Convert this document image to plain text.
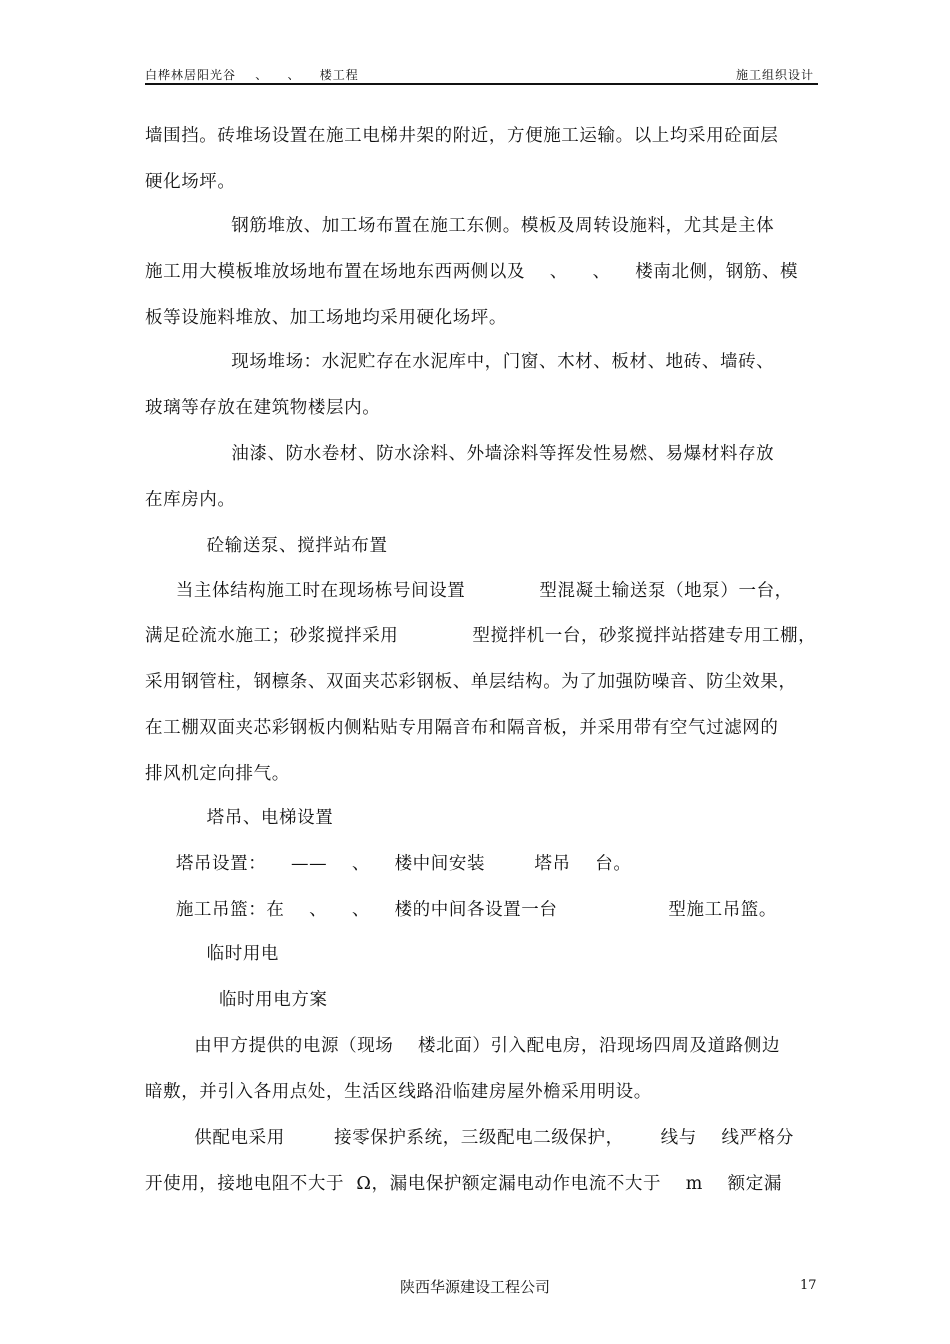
白桦林居阳光谷    、    、    楼工程	施工组织设计
墙围挡。砖堆场设置在施工电梯井架的附近，方便施工运输。以上均采用砼面层
硬化场坪。
钢筋堆放、加工场布置在施工东侧。模板及周转设施料，尤其是主体
施工用大模板堆放场地布置在场地东西两侧以及    、    、    楼南北侧，钢筋、模
板等设施料堆放、加工场地均采用硬化场坪。
现场堆场：水泥贮存在水泥库中，门窗、木材、板材、地砖、墙砖、
玻璃等存放在建筑物楼层内。
油漆、防水卷材、防水涂料、外墙涂料等挥发性易燃、易爆材料存放
在库房内。
砼输送泵、搅拌站布置
当主体结构施工时在现场栋号间设置            型混凝土输送泵（地泵）一台，
满足砼流水施工；砂浆搅拌采用            型搅拌机一台，砂浆搅拌站搭建专用工棚，
采用钢管柱，钢檩条、双面夹芯彩钢板、单层结构。为了加强防噪音、防尘效果，
在工棚双面夹芯彩钢板内侧粘贴专用隔音布和隔音板，并采用带有空气过滤网的
排风机定向排气。
塔吊、电梯设置
塔吊设置：    ——    、    楼中间安装        塔吊    台。
施工吊篮：在    、    、    楼的中间各设置一台                  型施工吊篮。
临时用电
临时用电方案
由甲方提供的电源（现场    楼北面）引入配电房，沿现场四周及道路侧边
暗敷，并引入各用点处，生活区线路沿临建房屋外檐采用明设。
供配电采用        接零保护系统，三级配电二级保护，      线与    线严格分
开使用，接地电阻不大于  Ω，漏电保护额定漏电动作电流不大于    m    额定漏
陕西华源建设工程公司	17
